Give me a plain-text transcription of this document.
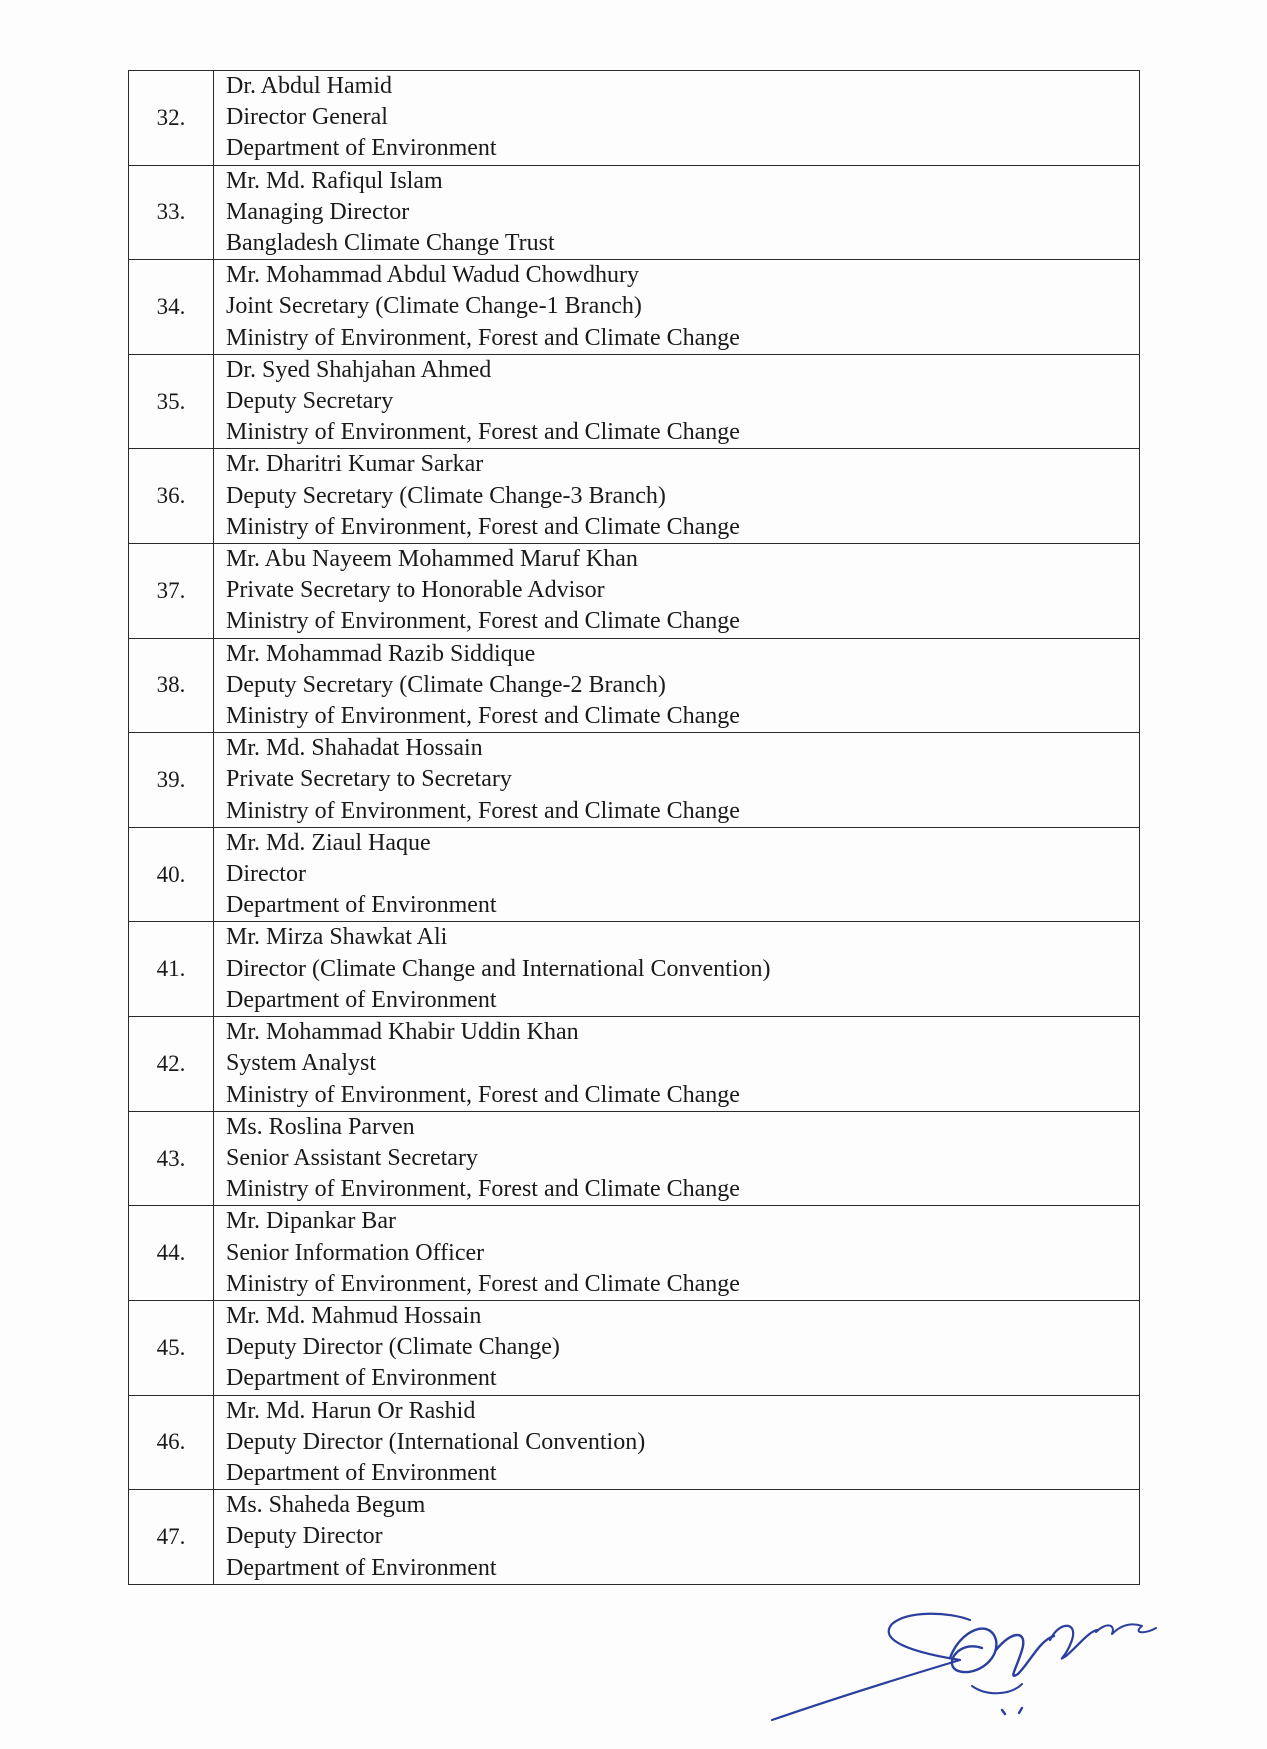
32.	Dr. Abdul Hamid
Director General
Department of Environment

33.	Mr. Md. Rafiqul Islam
Managing Director
Bangladesh Climate Change Trust

34.	Mr. Mohammad Abdul Wadud Chowdhury
Joint Secretary (Climate Change-1 Branch)
Ministry of Environment, Forest and Climate Change

35.	Dr. Syed Shahjahan Ahmed
Deputy Secretary
Ministry of Environment, Forest and Climate Change

36.	Mr. Dharitri Kumar Sarkar
Deputy Secretary (Climate Change-3 Branch)
Ministry of Environment, Forest and Climate Change

37.	Mr. Abu Nayeem Mohammed Maruf Khan
Private Secretary to Honorable Advisor
Ministry of Environment, Forest and Climate Change

38.	Mr. Mohammad Razib Siddique
Deputy Secretary (Climate Change-2 Branch)
Ministry of Environment, Forest and Climate Change

39.	Mr. Md. Shahadat Hossain
Private Secretary to Secretary
Ministry of Environment, Forest and Climate Change

40.	Mr. Md. Ziaul Haque
Director
Department of Environment

41.	Mr. Mirza Shawkat Ali
Director (Climate Change and International Convention)
Department of Environment

42.	Mr. Mohammad Khabir Uddin Khan
System Analyst
Ministry of Environment, Forest and Climate Change

43.	Ms. Roslina Parven
Senior Assistant Secretary
Ministry of Environment, Forest and Climate Change

44.	Mr. Dipankar Bar
Senior Information Officer
Ministry of Environment, Forest and Climate Change

45.	Mr. Md. Mahmud Hossain
Deputy Director (Climate Change)
Department of Environment

46.	Mr. Md. Harun Or Rashid
Deputy Director (International Convention)
Department of Environment

47.	Ms. Shaheda Begum
Deputy Director
Department of Environment
